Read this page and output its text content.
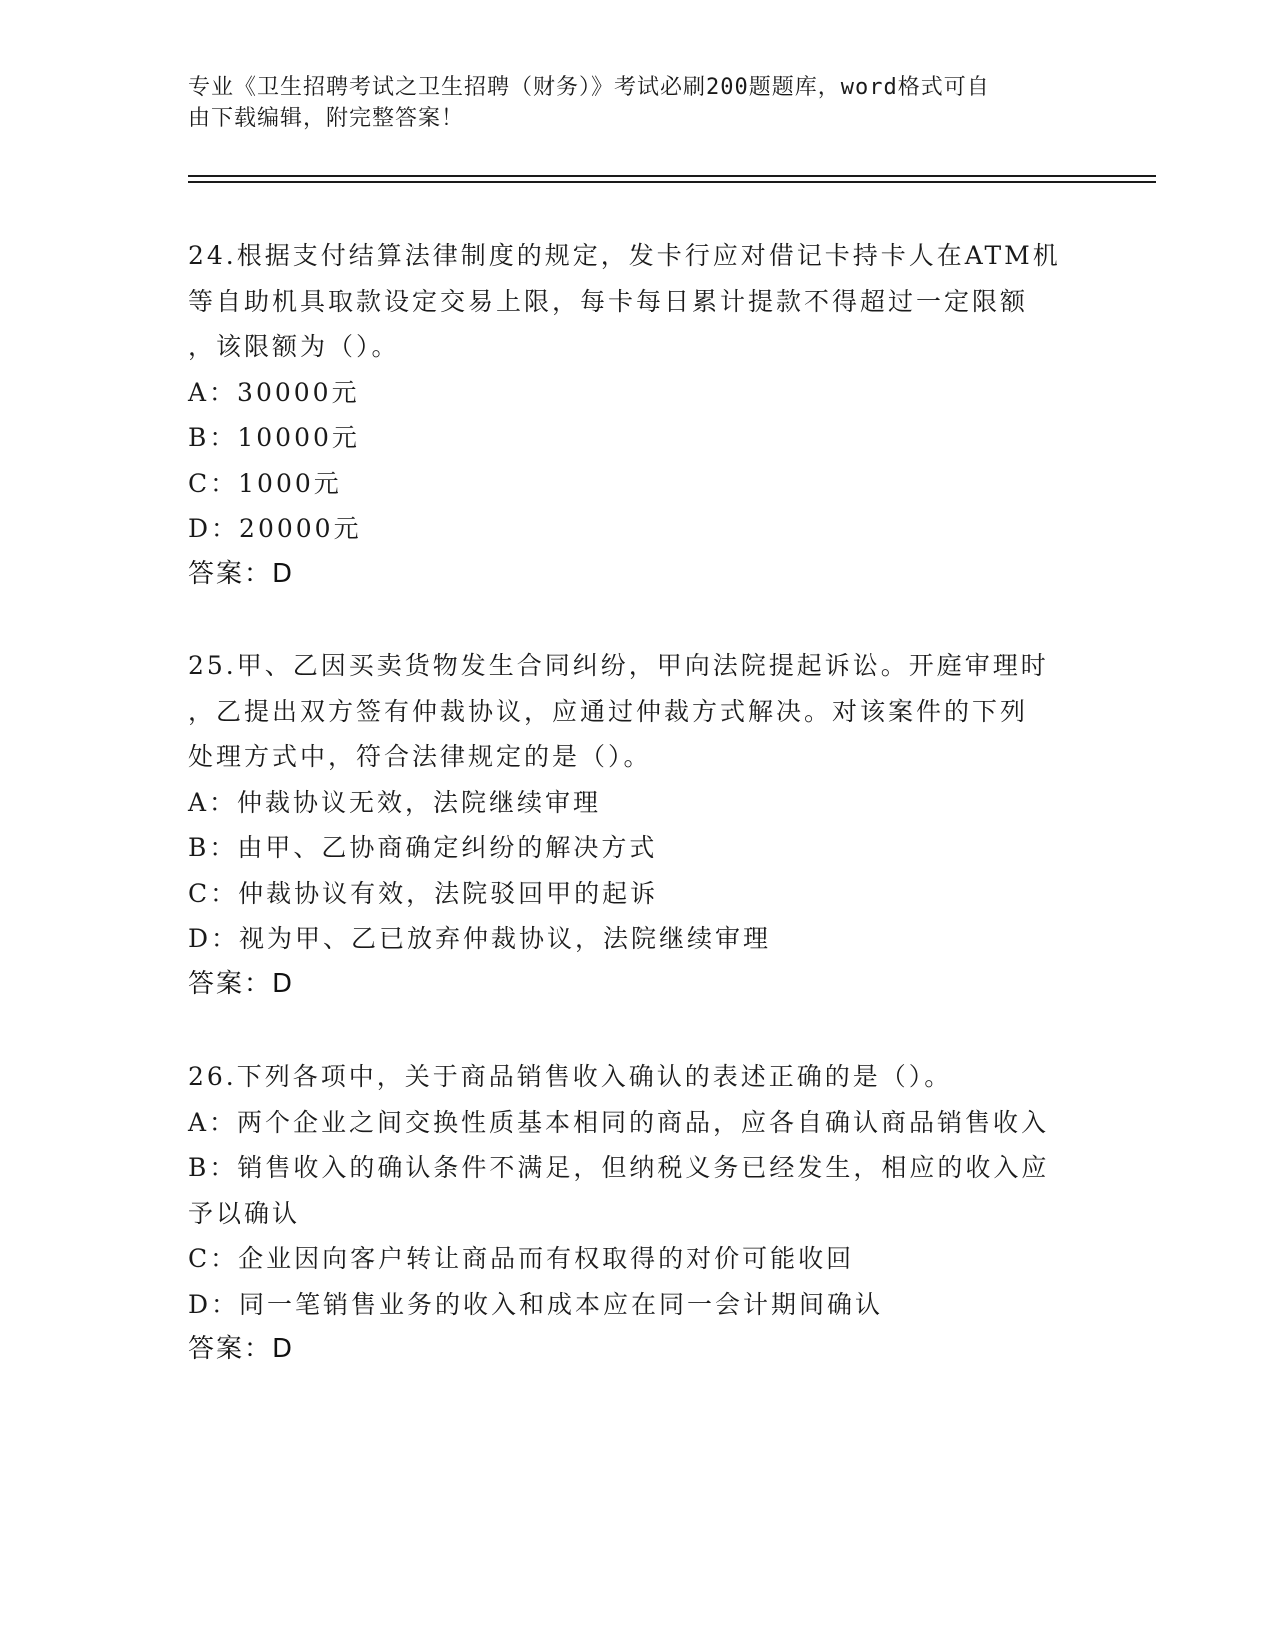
专业《卫生招聘考试之卫生招聘（财务）》考试必刷200题题库，word格式可自
由下载编辑，附完整答案！

24.根据支付结算法律制度的规定，发卡行应对借记卡持卡人在ATM机

等自助机具取款设定交易上限，每卡每日累计提款不得超过一定限额

，该限额为（）。

A：30000元

B：10000元

C：1000元

D：20000元

答案：D

25.甲、乙因买卖货物发生合同纠纷，甲向法院提起诉讼。开庭审理时

，乙提出双方签有仲裁协议，应通过仲裁方式解决。对该案件的下列

处理方式中，符合法律规定的是（）。

A：仲裁协议无效，法院继续审理

B：由甲、乙协商确定纠纷的解决方式

C：仲裁协议有效，法院驳回甲的起诉

D：视为甲、乙已放弃仲裁协议，法院继续审理

答案：D

26.下列各项中，关于商品销售收入确认的表述正确的是（）。

A：两个企业之间交换性质基本相同的商品，应各自确认商品销售收入

B：销售收入的确认条件不满足，但纳税义务已经发生，相应的收入应

予以确认

C：企业因向客户转让商品而有权取得的对价可能收回

D：同一笔销售业务的收入和成本应在同一会计期间确认

答案：D
